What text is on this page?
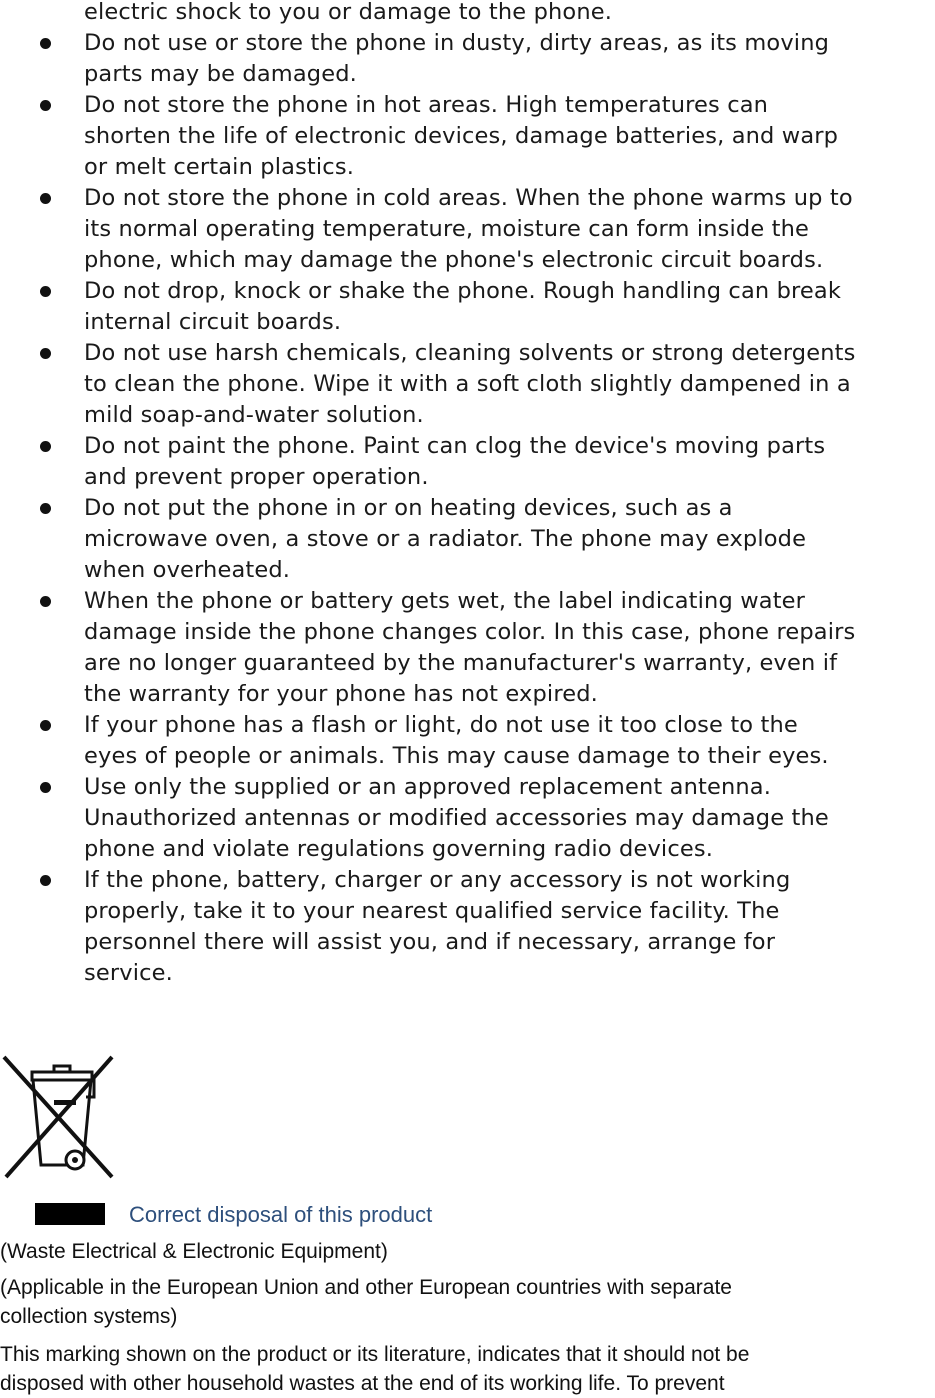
electric shock to you or damage to the phone.
Do not use or store the phone in dusty, dirty areas, as its moving
parts may be damaged.
Do not store the phone in hot areas. High temperatures can
shorten the life of electronic devices, damage batteries, and warp
or melt certain plastics.
Do not store the phone in cold areas. When the phone warms up to
its normal operating temperature, moisture can form inside the
phone, which may damage the phone's electronic circuit boards.
Do not drop, knock or shake the phone. Rough handling can break
internal circuit boards.
Do not use harsh chemicals, cleaning solvents or strong detergents
to clean the phone. Wipe it with a soft cloth slightly dampened in a
mild soap-and-water solution.
Do not paint the phone. Paint can clog the device's moving parts
and prevent proper operation.
Do not put the phone in or on heating devices, such as a
microwave oven, a stove or a radiator. The phone may explode
when overheated.
When the phone or battery gets wet, the label indicating water
damage inside the phone changes color. In this case, phone repairs
are no longer guaranteed by the manufacturer's warranty, even if
the warranty for your phone has not expired.
If your phone has a flash or light, do not use it too close to the
eyes of people or animals. This may cause damage to their eyes.
Use only the supplied or an approved replacement antenna.
Unauthorized antennas or modified accessories may damage the
phone and violate regulations governing radio devices.
If the phone, battery, charger or any accessory is not working
properly, take it to your nearest qualified service facility. The
personnel there will assist you, and if necessary, arrange for
service.
Correct disposal of this product
(Waste Electrical & Electronic Equipment)
(Applicable in the European Union and other European countries with separate
collection systems)
This marking shown on the product or its literature, indicates that it should not be
disposed with other household wastes at the end of its working life. To prevent
